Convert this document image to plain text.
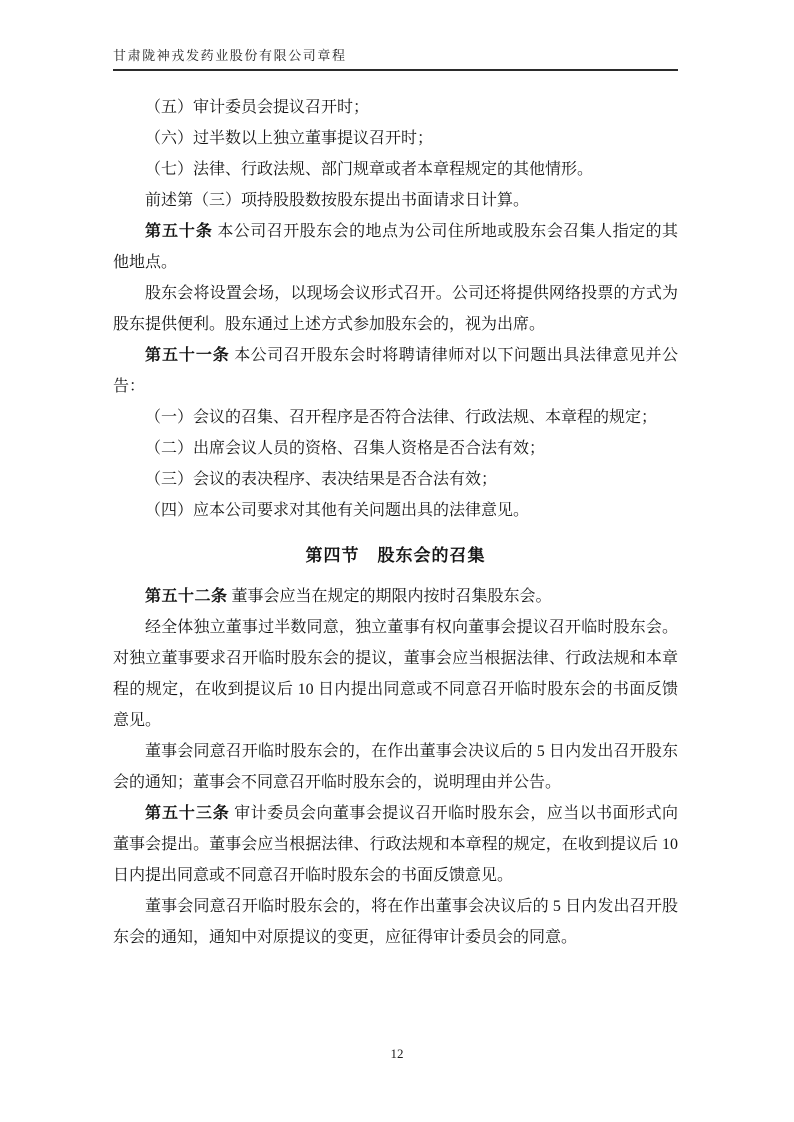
甘肃陇神戎发药业股份有限公司章程

（五）审计委员会提议召开时；

（六）过半数以上独立董事提议召开时；

（七）法律、行政法规、部门规章或者本章程规定的其他情形。

前述第（三）项持股股数按股东提出书面请求日计算。

第五十条 本公司召开股东会的地点为公司住所地或股东会召集人指定的其他地点。

股东会将设置会场，以现场会议形式召开。公司还将提供网络投票的方式为股东提供便利。股东通过上述方式参加股东会的，视为出席。

第五十一条 本公司召开股东会时将聘请律师对以下问题出具法律意见并公告：

（一）会议的召集、召开程序是否符合法律、行政法规、本章程的规定；

（二）出席会议人员的资格、召集人资格是否合法有效；

（三）会议的表决程序、表决结果是否合法有效；

（四）应本公司要求对其他有关问题出具的法律意见。

第四节　股东会的召集

第五十二条 董事会应当在规定的期限内按时召集股东会。

经全体独立董事过半数同意，独立董事有权向董事会提议召开临时股东会。对独立董事要求召开临时股东会的提议，董事会应当根据法律、行政法规和本章程的规定，在收到提议后 10 日内提出同意或不同意召开临时股东会的书面反馈意见。

董事会同意召开临时股东会的，在作出董事会决议后的 5 日内发出召开股东会的通知；董事会不同意召开临时股东会的，说明理由并公告。

第五十三条 审计委员会向董事会提议召开临时股东会，应当以书面形式向董事会提出。董事会应当根据法律、行政法规和本章程的规定，在收到提议后 10 日内提出同意或不同意召开临时股东会的书面反馈意见。

董事会同意召开临时股东会的，将在作出董事会决议后的 5 日内发出召开股东会的通知，通知中对原提议的变更，应征得审计委员会的同意。

12
